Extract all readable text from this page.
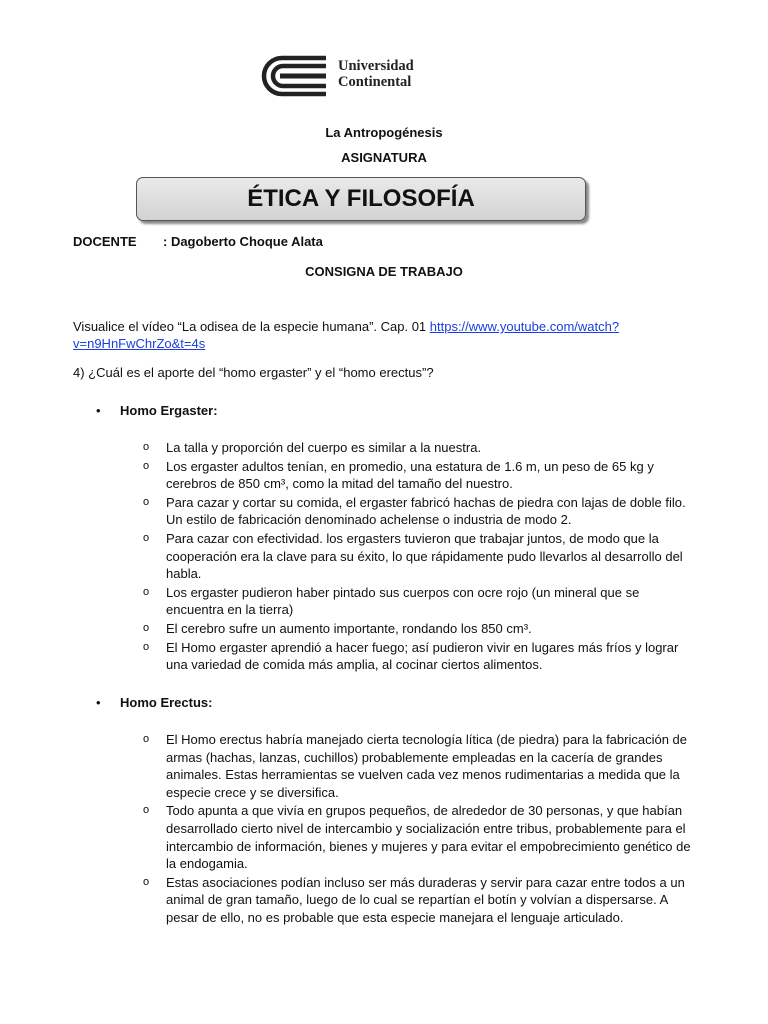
Universidad
Continental
La Antropogénesis
ASIGNATURA
ÉTICA Y FILOSOFÍA
DOCENTE : Dagoberto Choque Alata
CONSIGNA DE TRABAJO
Visualice el vídeo “La odisea de la especie humana”. Cap. 01 https://www.youtube.com/watch?
v=n9HnFwChrZo&t=4s
4) ¿Cuál es el aporte del “homo ergaster” y el “homo erectus”?
• Homo Ergaster:
o La talla y proporción del cuerpo es similar a la nuestra.
o Los ergaster adultos tenían, en promedio, una estatura de 1.6 m, un peso de 65 kg y cerebros de 850 cm³, como la mitad del tamaño del nuestro.
o Para cazar y cortar su comida, el ergaster fabricó hachas de piedra con lajas de doble filo. Un estilo de fabricación denominado achelense o industria de modo 2.
o Para cazar con efectividad. los ergasters tuvieron que trabajar juntos, de modo que la cooperación era la clave para su éxito, lo que rápidamente pudo llevarlos al desarrollo del habla.
o Los ergaster pudieron haber pintado sus cuerpos con ocre rojo (un mineral que se encuentra en la tierra)
o El cerebro sufre un aumento importante, rondando los 850 cm³.
o El Homo ergaster aprendió a hacer fuego; así pudieron vivir en lugares más fríos y lograr una variedad de comida más amplia, al cocinar ciertos alimentos.
• Homo Erectus:
o El Homo erectus habría manejado cierta tecnología lítica (de piedra) para la fabricación de armas (hachas, lanzas, cuchillos) probablemente empleadas en la cacería de grandes animales. Estas herramientas se vuelven cada vez menos rudimentarias a medida que la especie crece y se diversifica.
o Todo apunta a que vivía en grupos pequeños, de alrededor de 30 personas, y que habían desarrollado cierto nivel de intercambio y socialización entre tribus, probablemente para el intercambio de información, bienes y mujeres y para evitar el empobrecimiento genético de la endogamia.
o Estas asociaciones podían incluso ser más duraderas y servir para cazar entre todos a un animal de gran tamaño, luego de lo cual se repartían el botín y volvían a dispersarse. A pesar de ello, no es probable que esta especie manejara el lenguaje articulado.
